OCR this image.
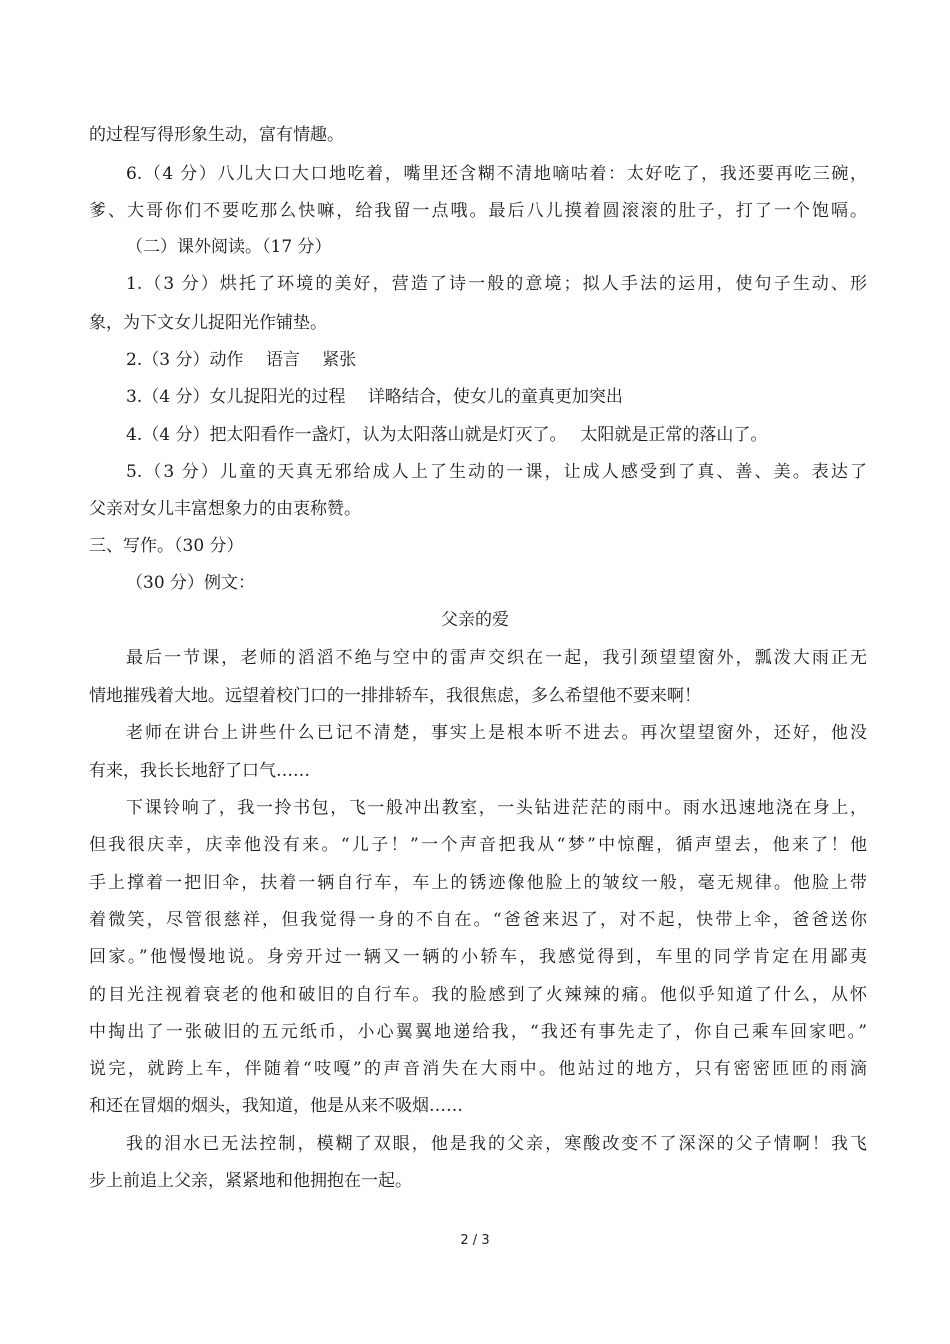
的过程写得形象生动，富有情趣。
6.（4 分）八儿大口大口地吃着，嘴里还含糊不清地嘀咕着：太好吃了，我还要再吃三碗，
爹、大哥你们不要吃那么快嘛，给我留一点哦。最后八儿摸着圆滚滚的肚子，打了一个饱嗝。
（二）课外阅读。（17 分）
1.（3 分）烘托了环境的美好，营造了诗一般的意境；拟人手法的运用，使句子生动、形
象，为下文女儿捉阳光作铺垫。
2.（3 分）动作　 语言　 紧张
3.（4 分）女儿捉阳光的过程　 详略结合，使女儿的童真更加突出
4.（4 分）把太阳看作一盏灯，认为太阳落山就是灯灭了。　 太阳就是正常的落山了。
5.（3 分）儿童的天真无邪给成人上了生动的一课，让成人感受到了真、善、美。表达了
父亲对女儿丰富想象力的由衷称赞。
三、写作。（30 分）
（30 分）例文：
父亲的爱
最后一节课，老师的滔滔不绝与空中的雷声交织在一起，我引颈望望窗外，瓢泼大雨正无
情地摧残着大地。远望着校门口的一排排轿车，我很焦虑，多么希望他不要来啊！
老师在讲台上讲些什么已记不清楚，事实上是根本听不进去。再次望望窗外，还好，他没
有来，我长长地舒了口气……
下课铃响了，我一拎书包，飞一般冲出教室，一头钻进茫茫的雨中。雨水迅速地浇在身上，
但我很庆幸，庆幸他没有来。“儿子！”一个声音把我从“梦”中惊醒，循声望去，他来了！他
手上撑着一把旧伞，扶着一辆自行车，车上的锈迹像他脸上的皱纹一般，毫无规律。他脸上带
着微笑，尽管很慈祥，但我觉得一身的不自在。“爸爸来迟了，对不起，快带上伞，爸爸送你
回家。”他慢慢地说。身旁开过一辆又一辆的小轿车，我感觉得到，车里的同学肯定在用鄙夷
的目光注视着衰老的他和破旧的自行车。我的脸感到了火辣辣的痛。他似乎知道了什么，从怀
中掏出了一张破旧的五元纸币，小心翼翼地递给我，“我还有事先走了，你自己乘车回家吧。”
说完，就跨上车，伴随着“吱嘎”的声音消失在大雨中。他站过的地方，只有密密匝匝的雨滴
和还在冒烟的烟头，我知道，他是从来不吸烟……
我的泪水已无法控制，模糊了双眼，他是我的父亲，寒酸改变不了深深的父子情啊！我飞
步上前追上父亲，紧紧地和他拥抱在一起。
2 / 3
